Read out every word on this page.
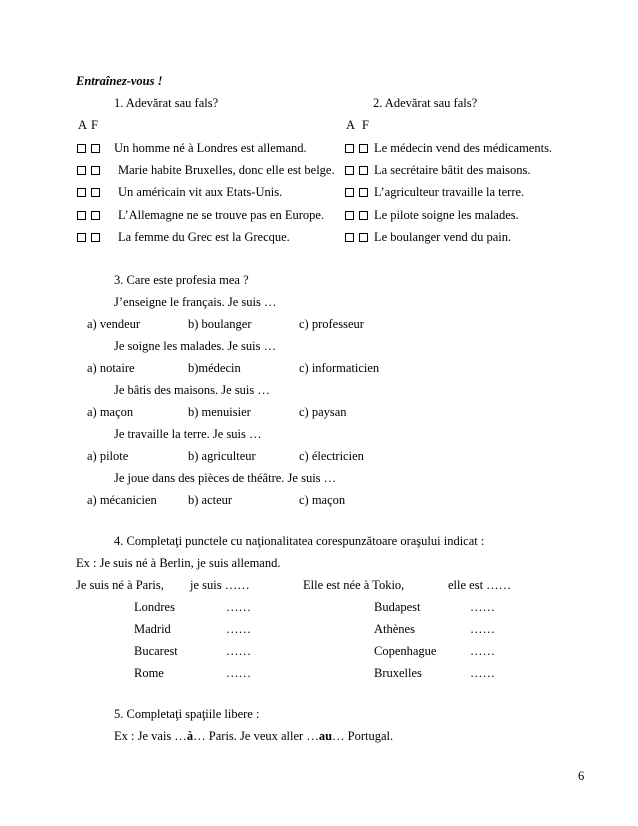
Entraînez-vous !
1. Adevărat sau fals?	2. Adevărat sau fals?
A F	A F
Un homme né à Londres est allemand.
Marie habite Bruxelles, donc elle est belge.
Un américain vit aux Etats-Unis.
L’Allemagne ne se trouve pas en Europe.
La femme du Grec est la Grecque.
Le médecin vend des médicaments.
La secrétaire bâtit des maisons.
L’agriculteur travaille la terre.
Le pilote soigne les malades.
Le boulanger vend du pain.
3. Care este profesia mea ?
J’enseigne le français. Je suis …
a) vendeur	b) boulanger	c) professeur
Je soigne les malades. Je suis …
a) notaire	b)médecin	c) informaticien
Je bâtis des maisons. Je suis …
a) maçon	b) menuisier	c) paysan
Je travaille la terre. Je suis …
a) pilote	b) agriculteur	c) électricien
Je joue dans des pièces de théâtre. Je suis …
a) mécanicien	b) acteur	c) maçon
4. Completaţi punctele cu naţionalitatea corespunzătoare oraşului indicat :
Ex : Je suis né à Berlin, je suis allemand.
Je suis né à Paris, je suis ……	Elle est née à Tokio,	elle est ……
Londres	……	Budapest	……
Madrid	……	Athènes	……
Bucarest	……	Copenhague	……
Rome	……	Bruxelles	……
5. Completaţi spaţiile libere :
Ex : Je vais …à… Paris. Je veux aller …au… Portugal.
6
